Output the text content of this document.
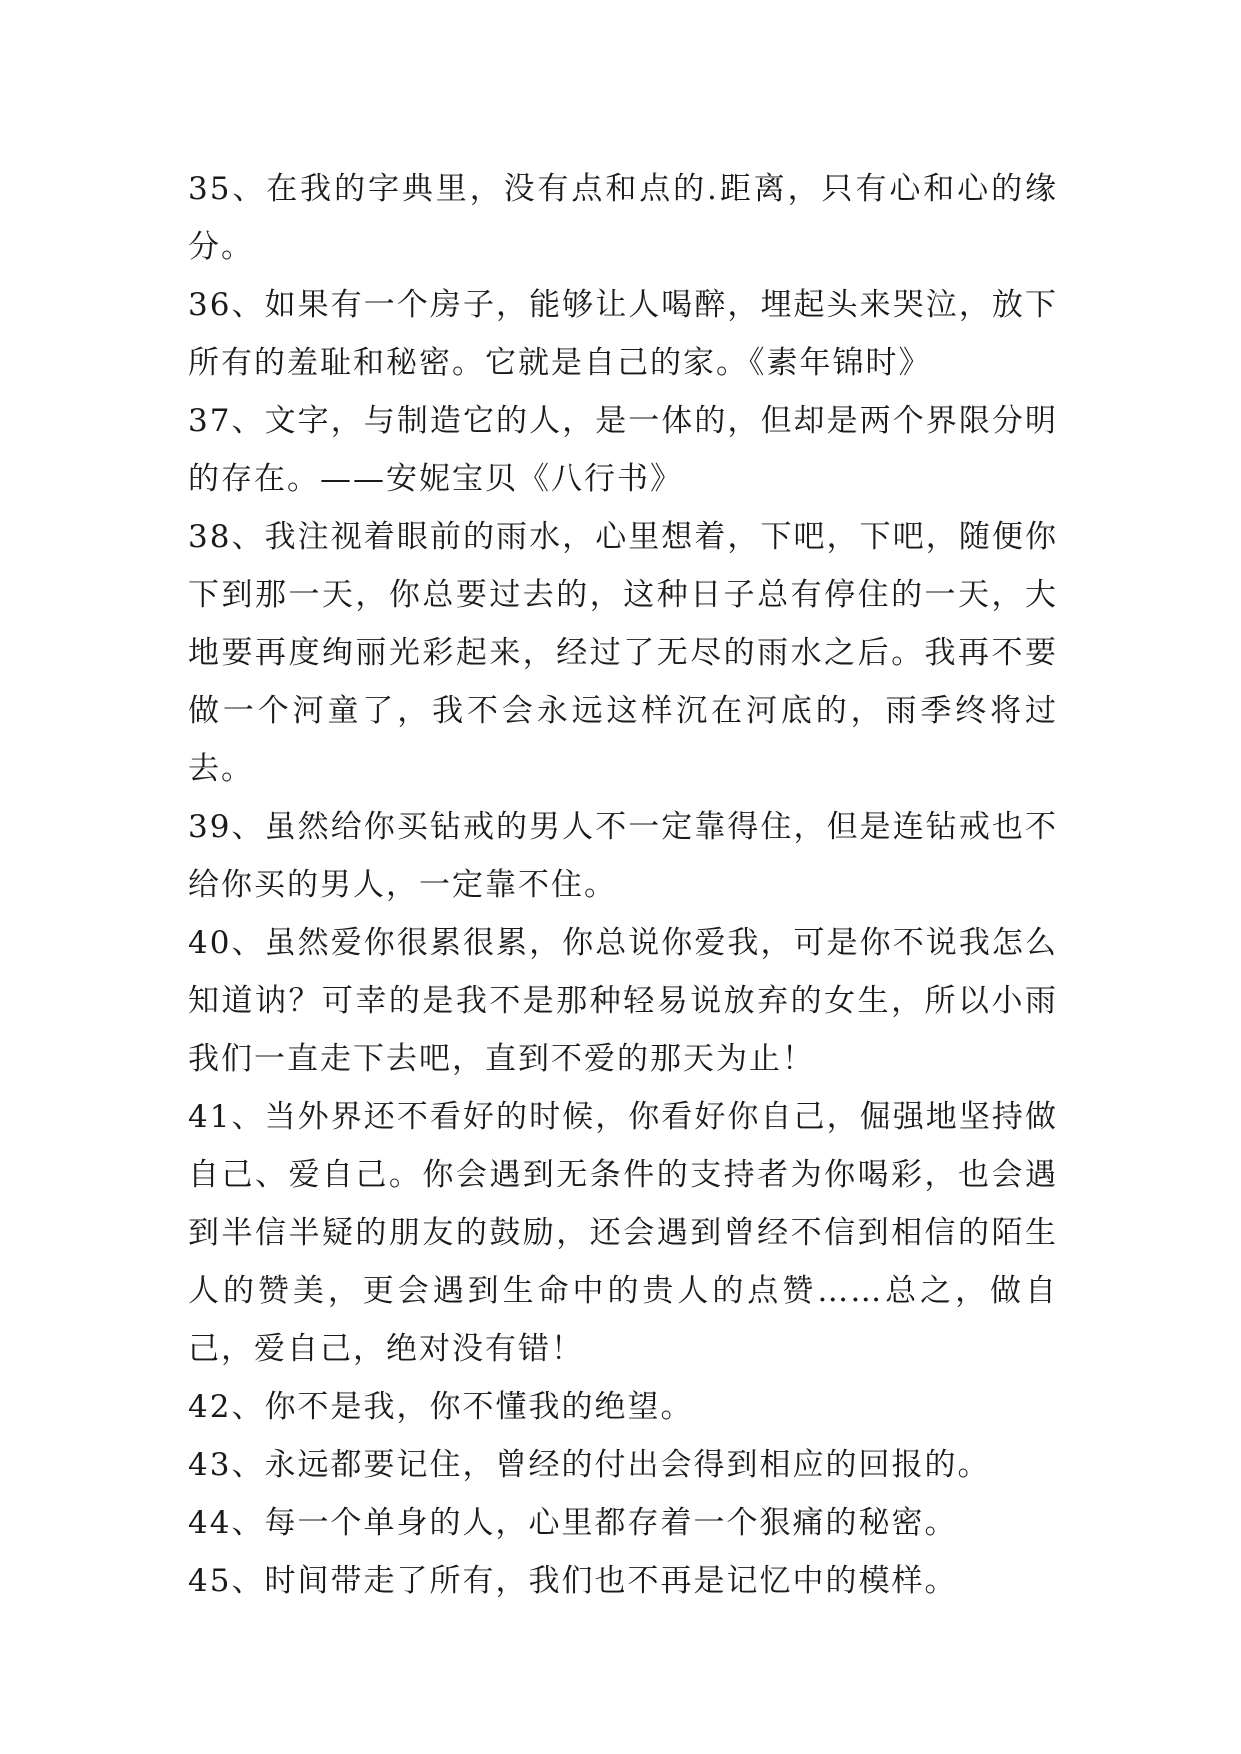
35、在我的字典里，没有点和点的.距离，只有心和心的缘分。

36、如果有一个房子，能够让人喝醉，埋起头来哭泣，放下所有的羞耻和秘密。它就是自己的家。《素年锦时》

37、文字，与制造它的人，是一体的，但却是两个界限分明的存在。——安妮宝贝《八行书》

38、我注视着眼前的雨水，心里想着，下吧，下吧，随便你下到那一天，你总要过去的，这种日子总有停住的一天，大地要再度绚丽光彩起来，经过了无尽的雨水之后。我再不要做一个河童了，我不会永远这样沉在河底的，雨季终将过去。

39、虽然给你买钻戒的男人不一定靠得住，但是连钻戒也不给你买的男人，一定靠不住。

40、虽然爱你很累很累，你总说你爱我，可是你不说我怎么知道讷？可幸的是我不是那种轻易说放弃的女生，所以小雨我们一直走下去吧，直到不爱的那天为止！

41、当外界还不看好的时候，你看好你自己，倔强地坚持做自己、爱自己。你会遇到无条件的支持者为你喝彩，也会遇到半信半疑的朋友的鼓励，还会遇到曾经不信到相信的陌生人的赞美，更会遇到生命中的贵人的点赞……总之，做自己，爱自己，绝对没有错！

42、你不是我，你不懂我的绝望。

43、永远都要记住，曾经的付出会得到相应的回报的。

44、每一个单身的人，心里都存着一个狠痛的秘密。

45、时间带走了所有，我们也不再是记忆中的模样。
